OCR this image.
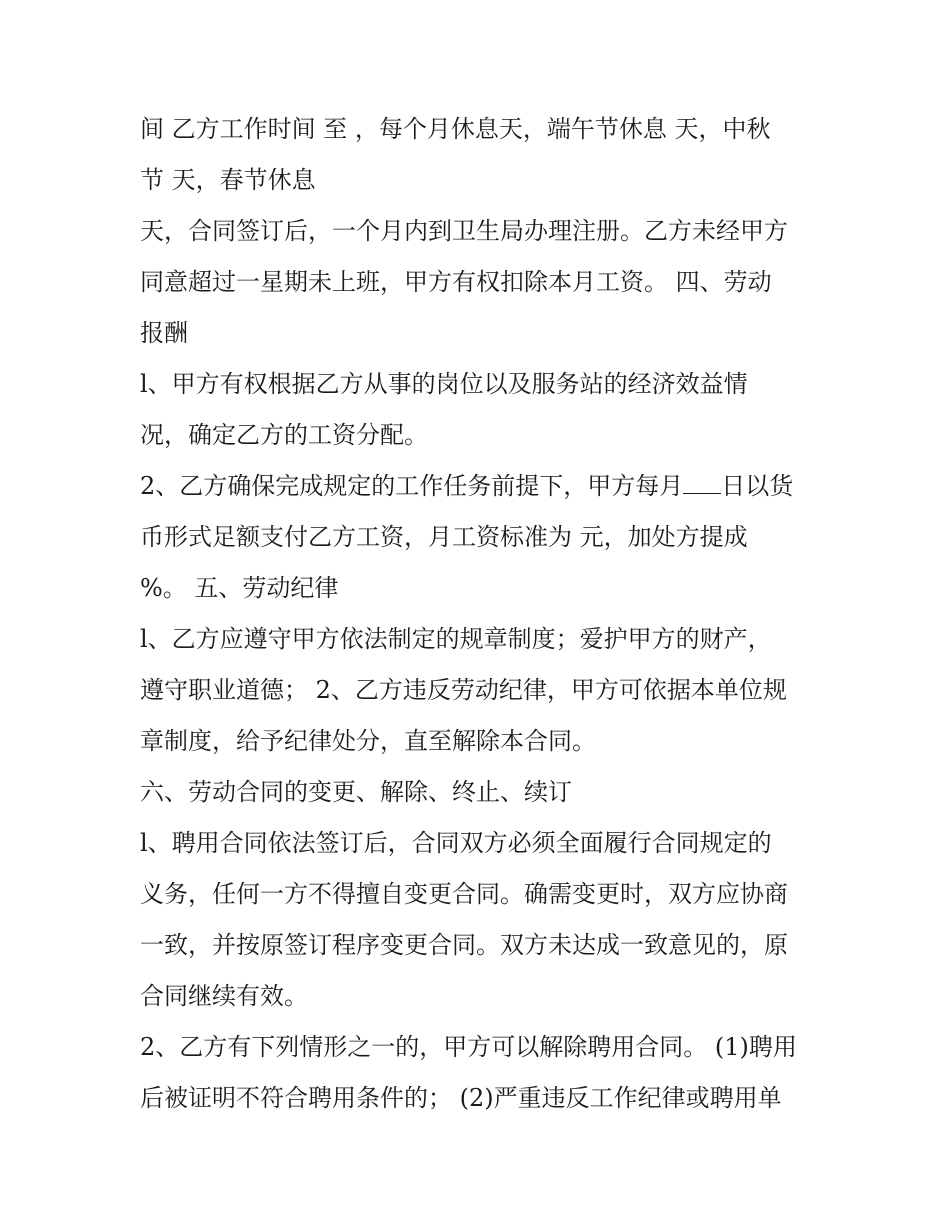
间 乙方工作时间 至 ，每个月休息天，端午节休息 天，中秋
节 天，春节休息
天，合同签订后，一个月内到卫生局办理注册。乙方未经甲方
同意超过一星期未上班，甲方有权扣除本月工资。 四、劳动
报酬
l、甲方有权根据乙方从事的岗位以及服务站的经济效益情
况，确定乙方的工资分配。
2、乙方确保完成规定的工作任务前提下，甲方每月 日以货
币形式足额支付乙方工资，月工资标准为 元，加处方提成
%。 五、劳动纪律
l、乙方应遵守甲方依法制定的规章制度；爱护甲方的财产，
遵守职业道德； 2、乙方违反劳动纪律，甲方可依据本单位规
章制度，给予纪律处分，直至解除本合同。
六、劳动合同的变更、解除、终止、续订
l、聘用合同依法签订后，合同双方必须全面履行合同规定的
义务，任何一方不得擅自变更合同。确需变更时，双方应协商
一致，并按原签订程序变更合同。双方未达成一致意见的，原
合同继续有效。
2、乙方有下列情形之一的，甲方可以解除聘用合同。 (1)聘用
后被证明不符合聘用条件的； (2)严重违反工作纪律或聘用单
